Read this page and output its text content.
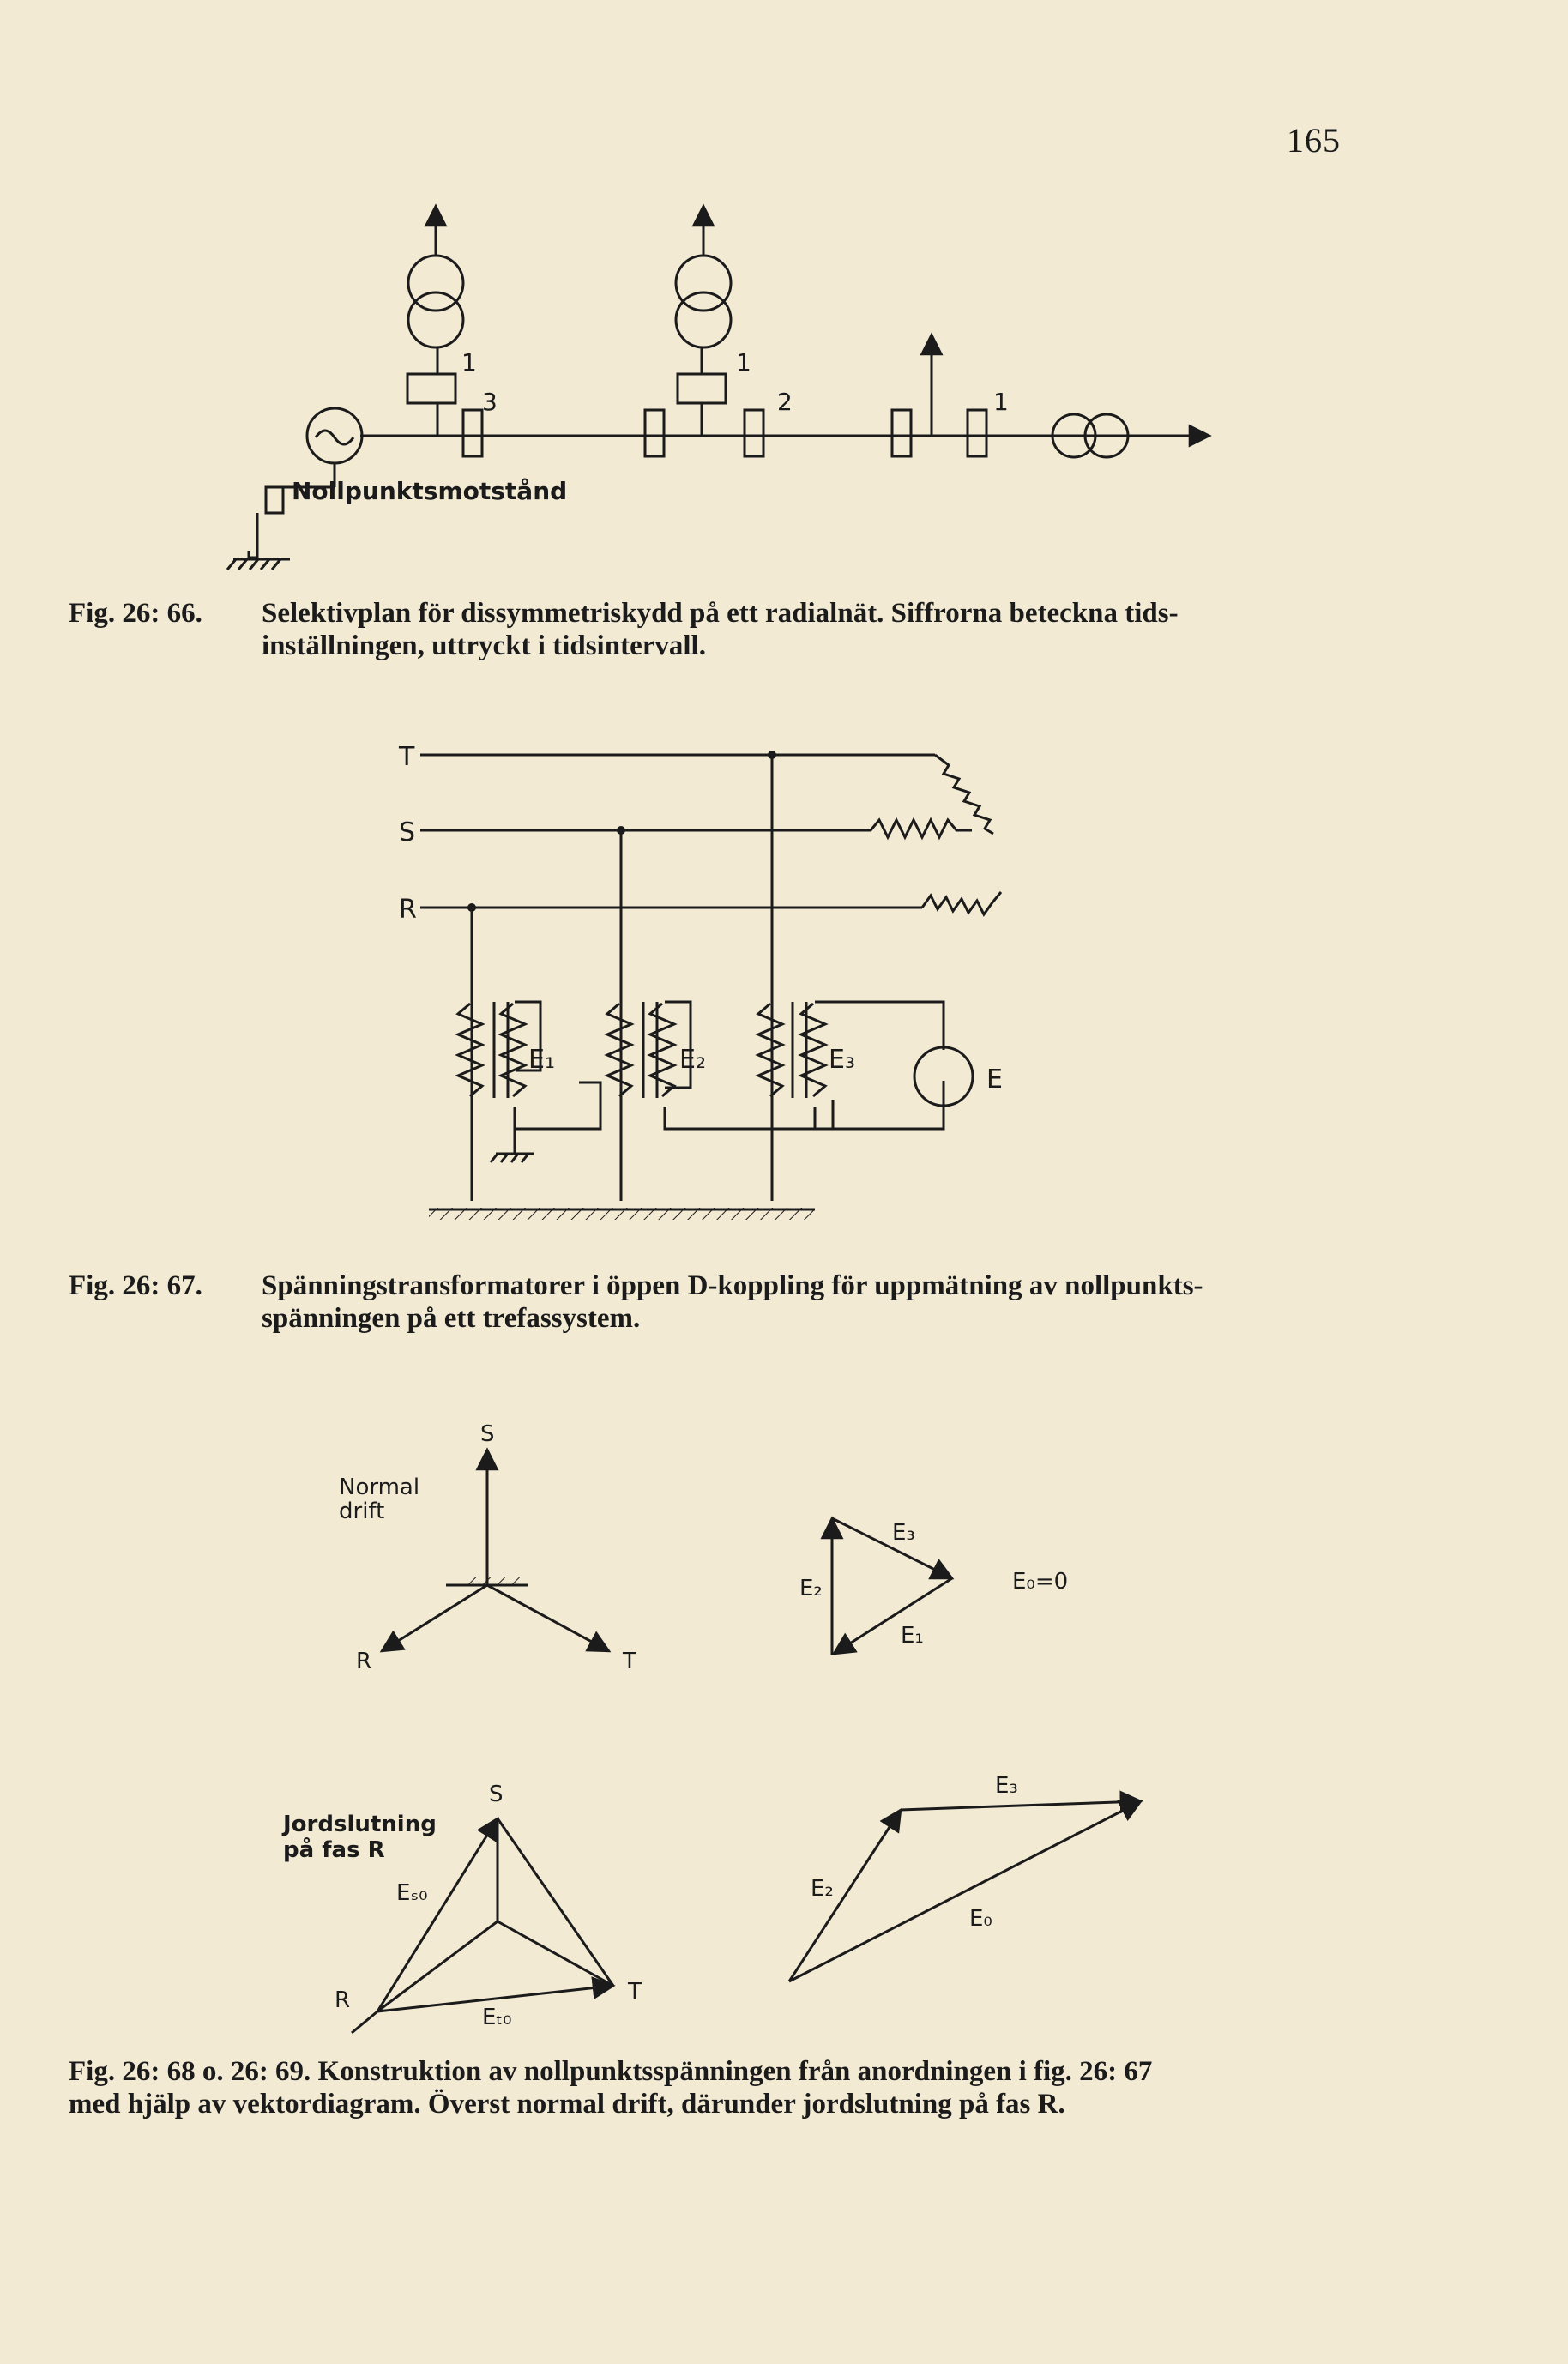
165
1
3
1
2	1
Nollpunktsmotstånd
T
S
R
E₁	E₂	E₃
E
Normal
drift
S
R	T
E₃
E₂
E₁
E₀=0
Jordslutning
på fas R
S
R	T
Eₛ₀
Eₜ₀
E₃
E₂
E₀
Fig. 26: 66.	Selektivplan för dissymmetriskydd på ett radialnät. Siffrorna beteckna tids-
inställningen, uttryckt i tidsintervall.
Fig. 26: 67.	Spänningstransformatorer i öppen D-koppling för uppmätning av nollpunkts-
spänningen på ett trefassystem.
Fig. 26: 68 o. 26: 69. Konstruktion av nollpunktsspänningen från anordningen i fig. 26: 67
med hjälp av vektordiagram. Överst normal drift, därunder jordslutning på fas R.
